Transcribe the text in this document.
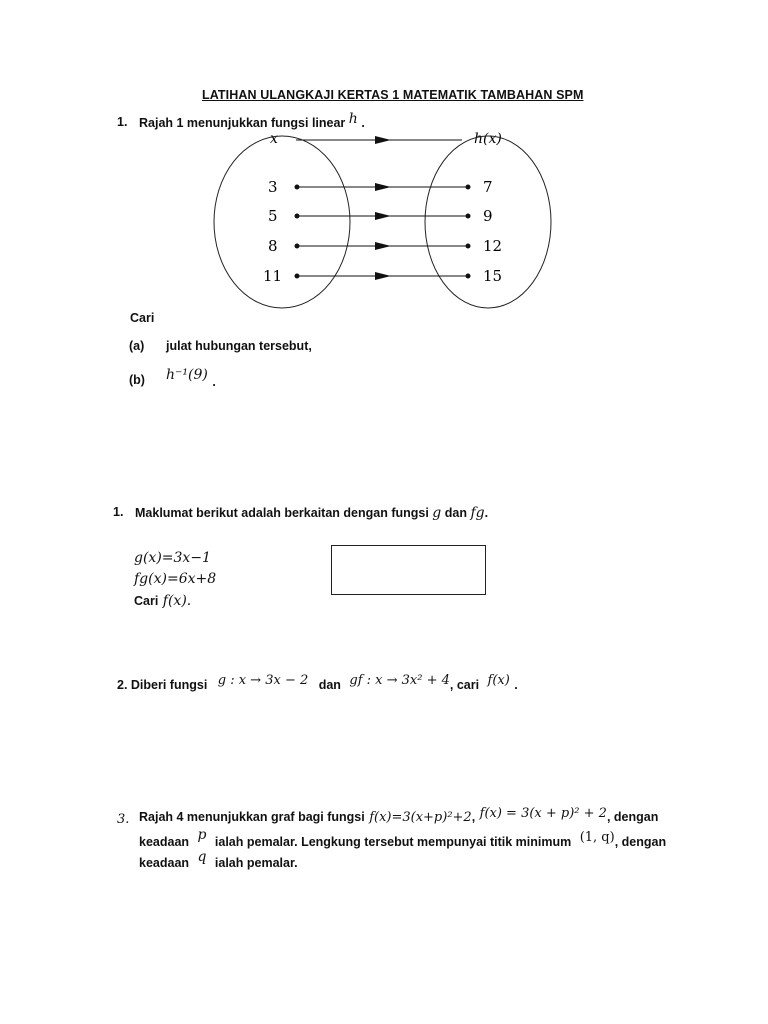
LATIHAN ULANGKAJI KERTAS 1 MATEMATIK TAMBAHAN SPM
1. Rajah 1 menunjukkan fungsi linear h .
x	h(x)
3	7
5	9
8	12
11	15
Cari
(a) julat hubungan tersebut,
(b) h⁻¹(9) $_.$
1. Maklumat berikut adalah berkaitan dengan fungsi g dan fg.
g(x)=3x−1
fg(x)=6x+8
Cari f(x).
2. Diberi fungsi $^{g : x \to 3x - 2}$ dan $^{gf : x \to 3x^2 + 4}$, cari $^{f(x)}$ .
3. Rajah 4 menunjukkan graf bagi fungsi f(x)=3(x+p)²+2, $^{f(x) = 3(x + p)^2 + 2}$, dengan
keadaan p ialah pemalar. Lengkung tersebut mempunyai titik minimum $^{(1, q)}$, dengan
keadaan q ialah pemalar.
